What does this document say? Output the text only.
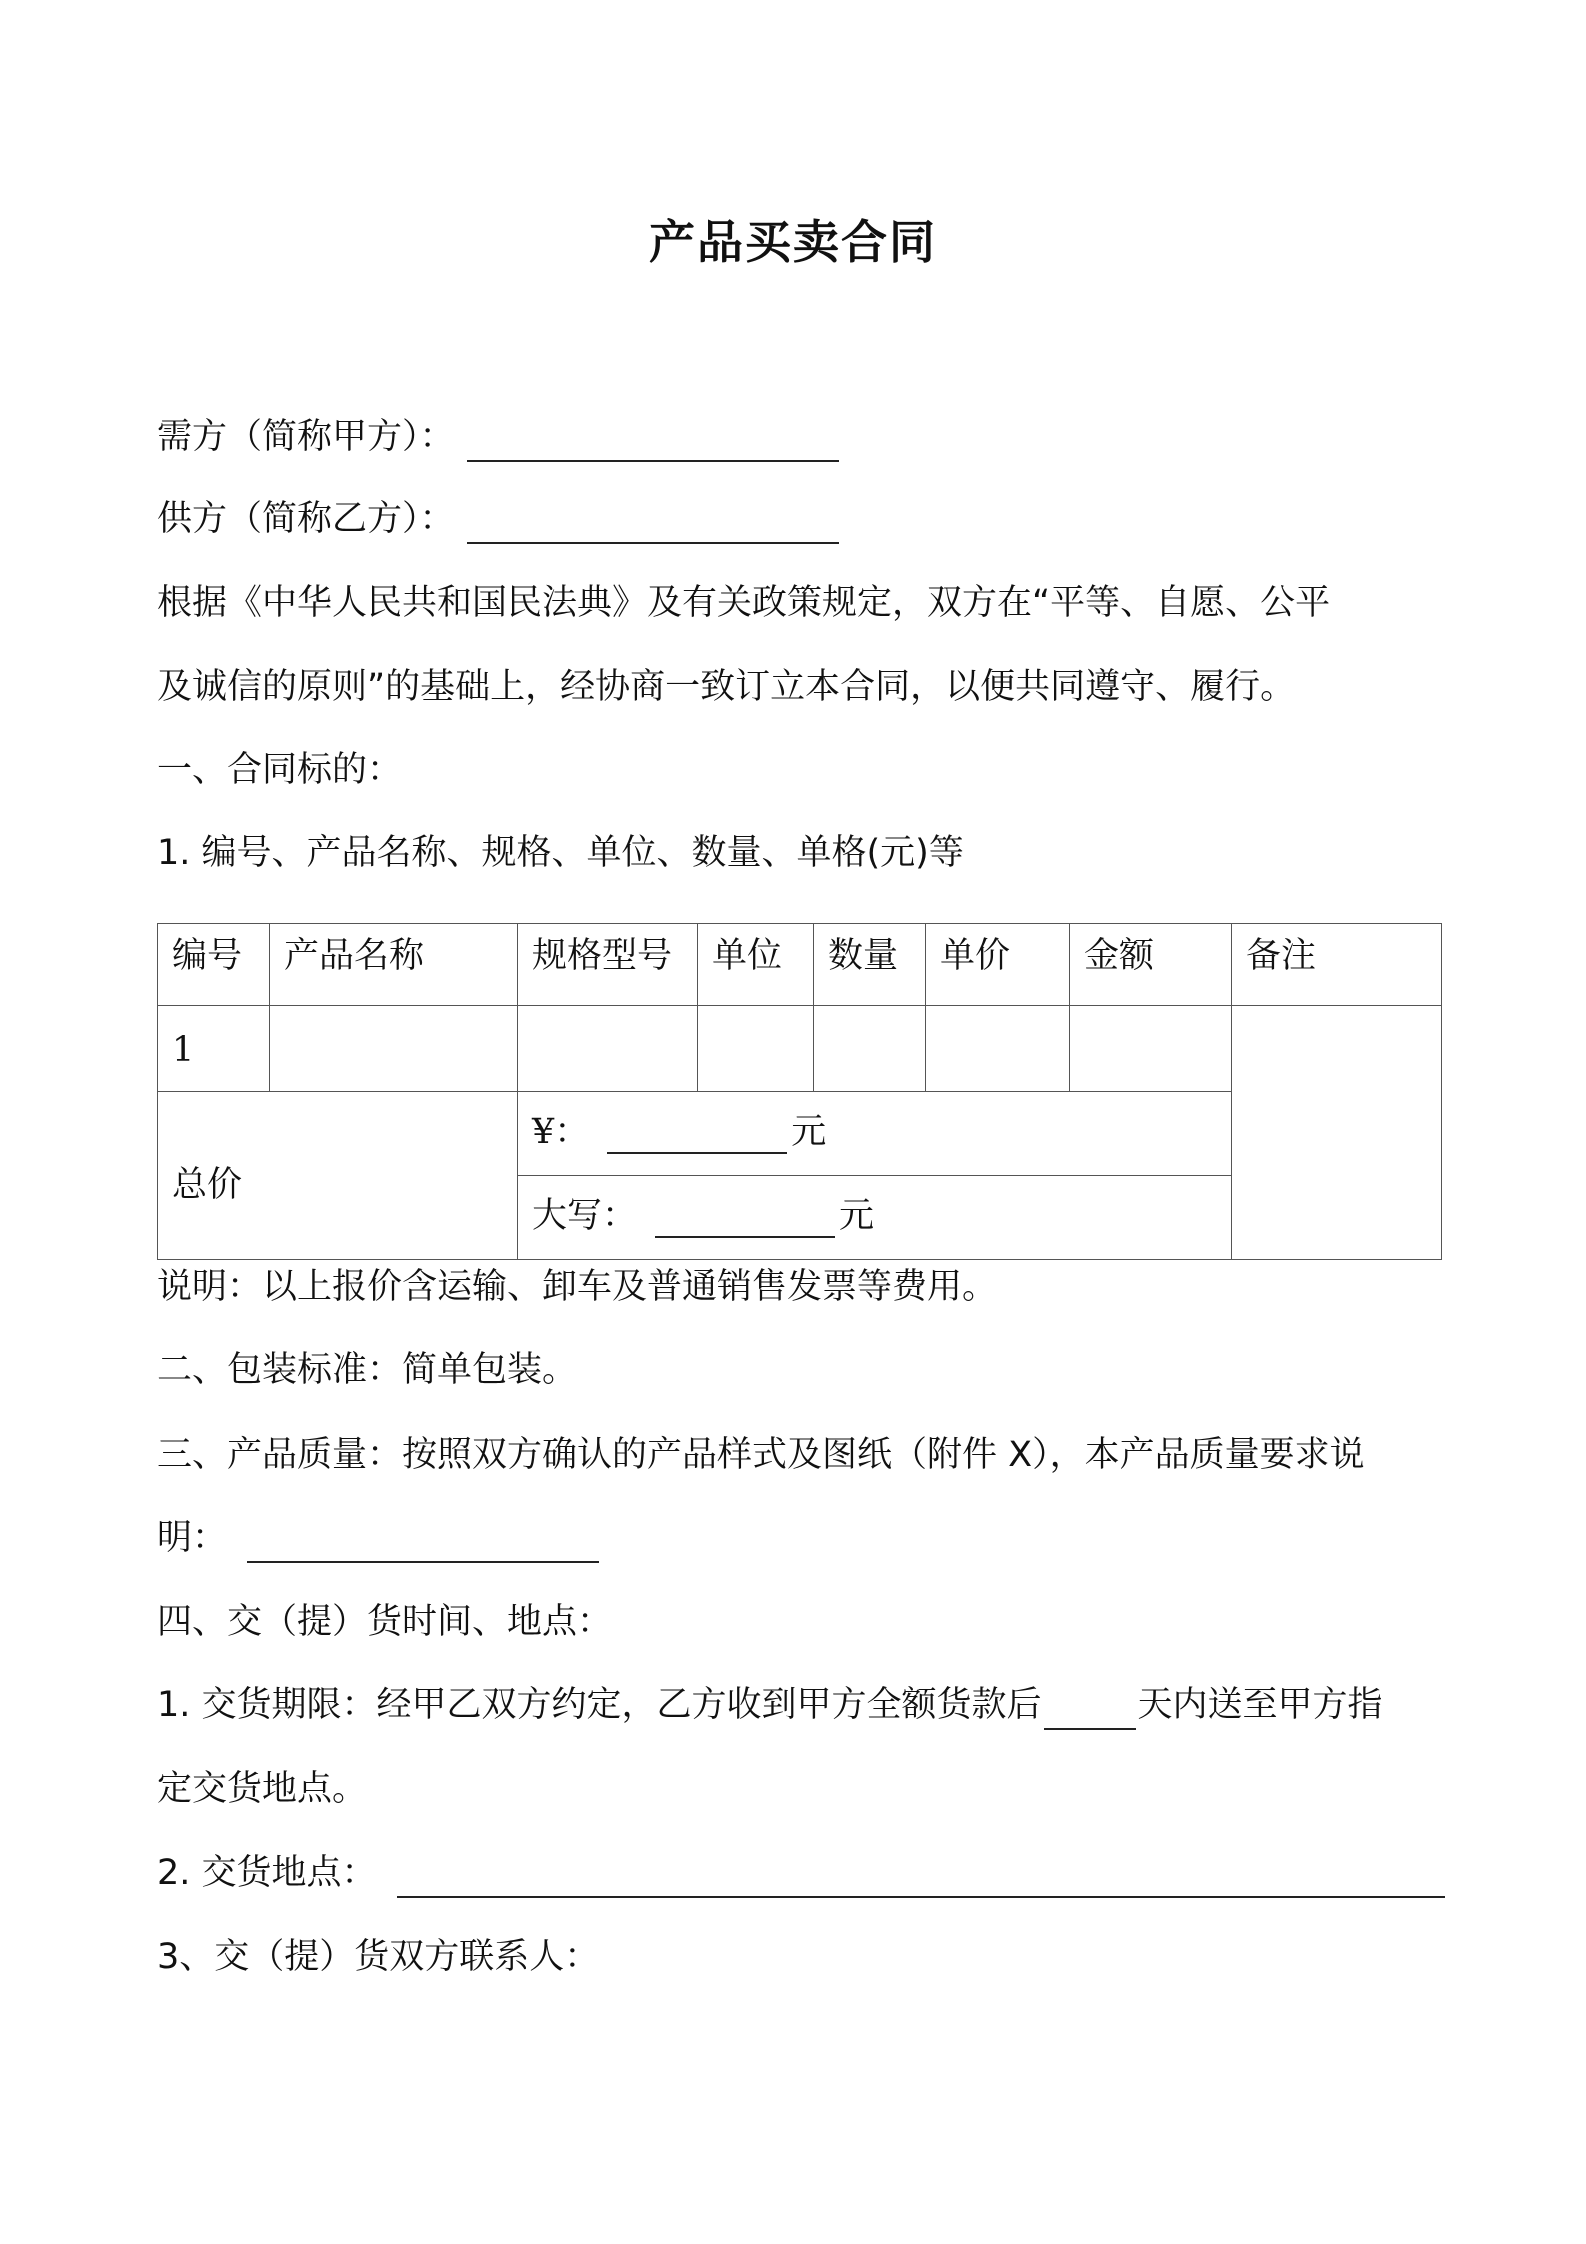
产品买卖合同
需方（简称甲方）：
供方（简称乙方）：
根据《中华人民共和国民法典》及有关政策规定，双方在“平等、自愿、公平
及诚信的原则”的基础上，经协商一致订立本合同，以便共同遵守、履行。
一、合同标的：
1. 编号、产品名称、规格、单位、数量、单格(元)等
编号	产品名称	规格型号	单位	数量	单价	金额	备注
1							
总价		¥： 元					
		大写： 元					
说明：以上报价含运输、卸车及普通销售发票等费用。
二、包装标准：简单包装。
三、产品质量：按照双方确认的产品样式及图纸（附件 X），本产品质量要求说
明：
四、交（提）货时间、地点：
1. 交货期限：经甲乙双方约定，乙方收到甲方全额货款后	天内送至甲方指
定交货地点。
2. 交货地点：
3、交（提）货双方联系人：
